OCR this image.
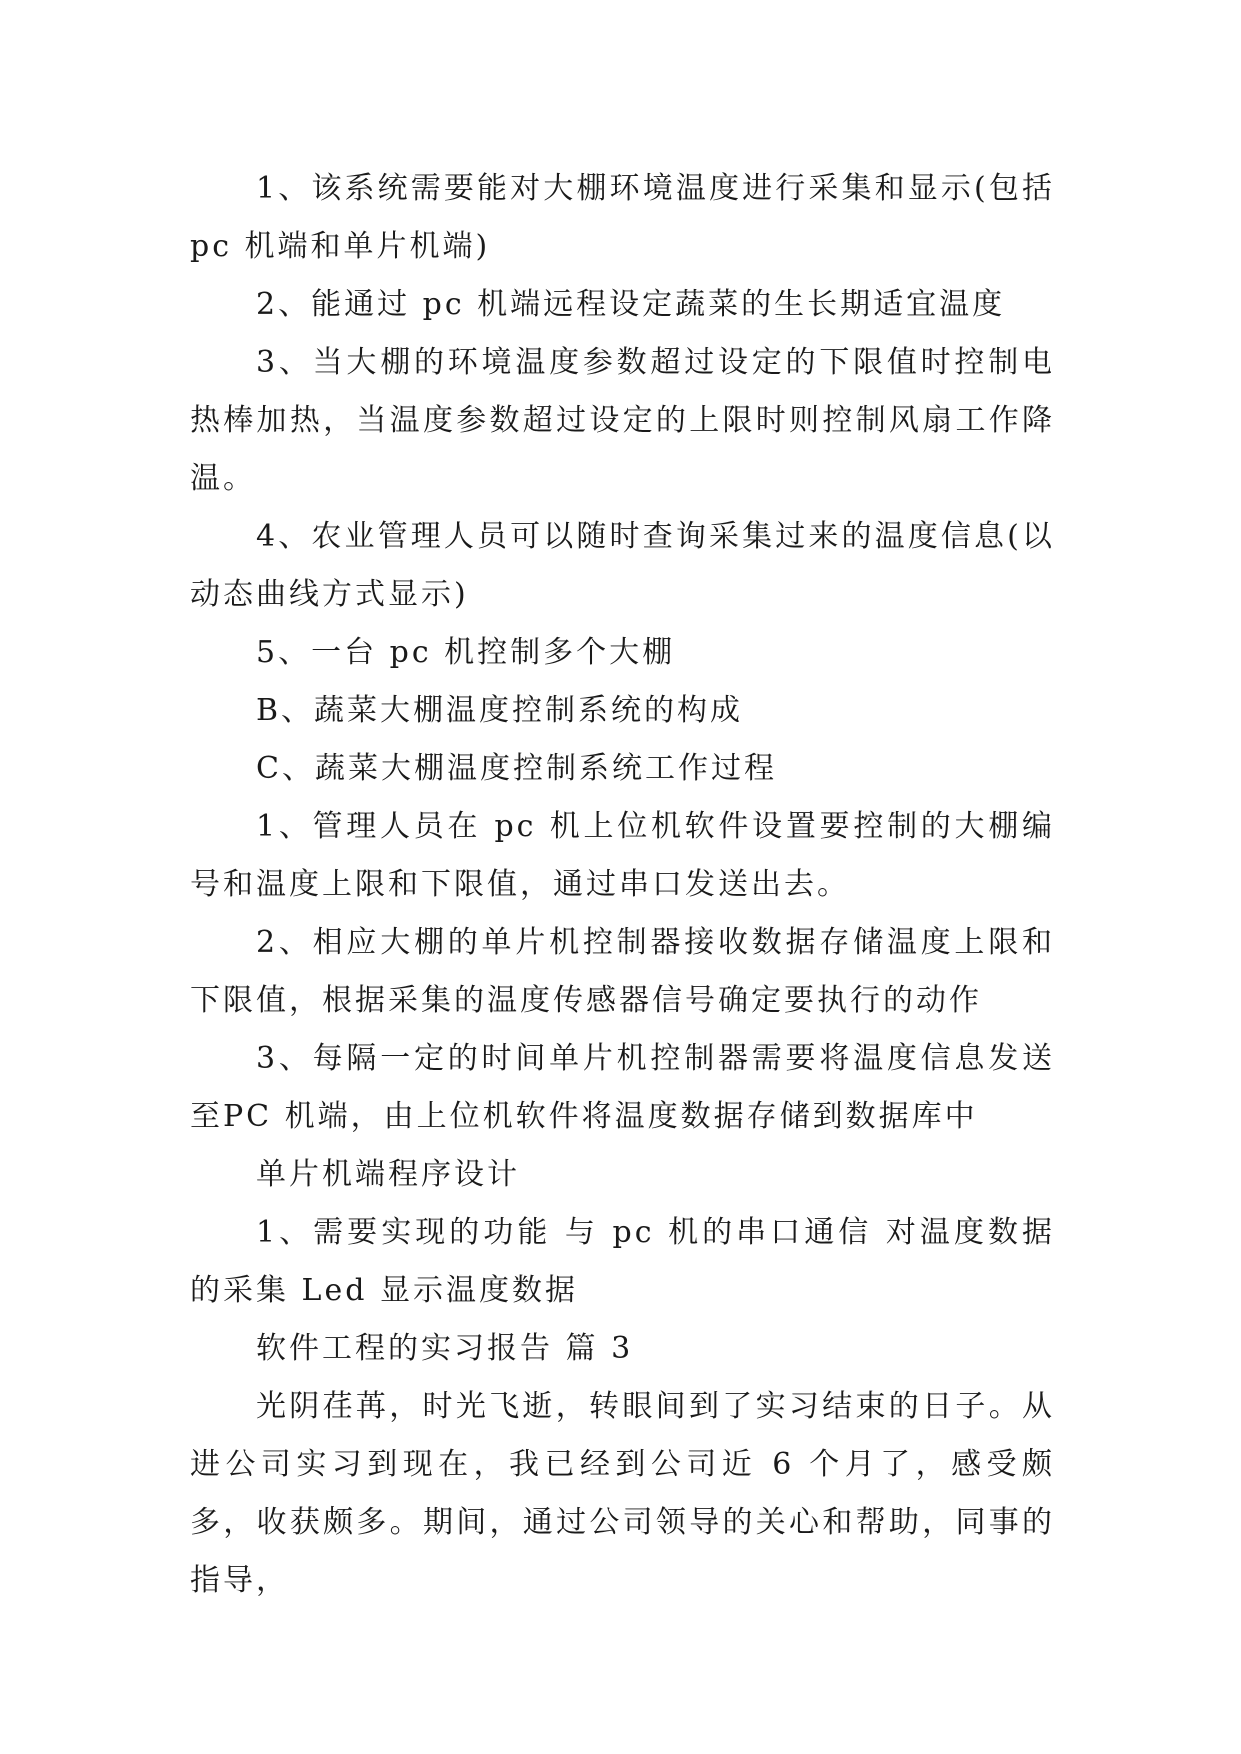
1、该系统需要能对大棚环境温度进行采集和显示(包括pc 机端和单片机端)

2、能通过 pc 机端远程设定蔬菜的生长期适宜温度

3、当大棚的环境温度参数超过设定的下限值时控制电热棒加热，当温度参数超过设定的上限时则控制风扇工作降温。

4、农业管理人员可以随时查询采集过来的温度信息(以动态曲线方式显示)

5、一台 pc 机控制多个大棚

B、蔬菜大棚温度控制系统的构成

C、蔬菜大棚温度控制系统工作过程

1、管理人员在 pc 机上位机软件设置要控制的大棚编号和温度上限和下限值，通过串口发送出去。

2、相应大棚的单片机控制器接收数据存储温度上限和下限值，根据采集的温度传感器信号确定要执行的动作

3、每隔一定的时间单片机控制器需要将温度信息发送至PC 机端，由上位机软件将温度数据存储到数据库中

单片机端程序设计

1、需要实现的功能 与 pc 机的串口通信 对温度数据的采集 Led 显示温度数据

软件工程的实习报告 篇 3

光阴荏苒，时光飞逝，转眼间到了实习结束的日子。从进公司实习到现在，我已经到公司近 6 个月了，感受颇多，收获颇多。期间，通过公司领导的关心和帮助，同事的指导，
